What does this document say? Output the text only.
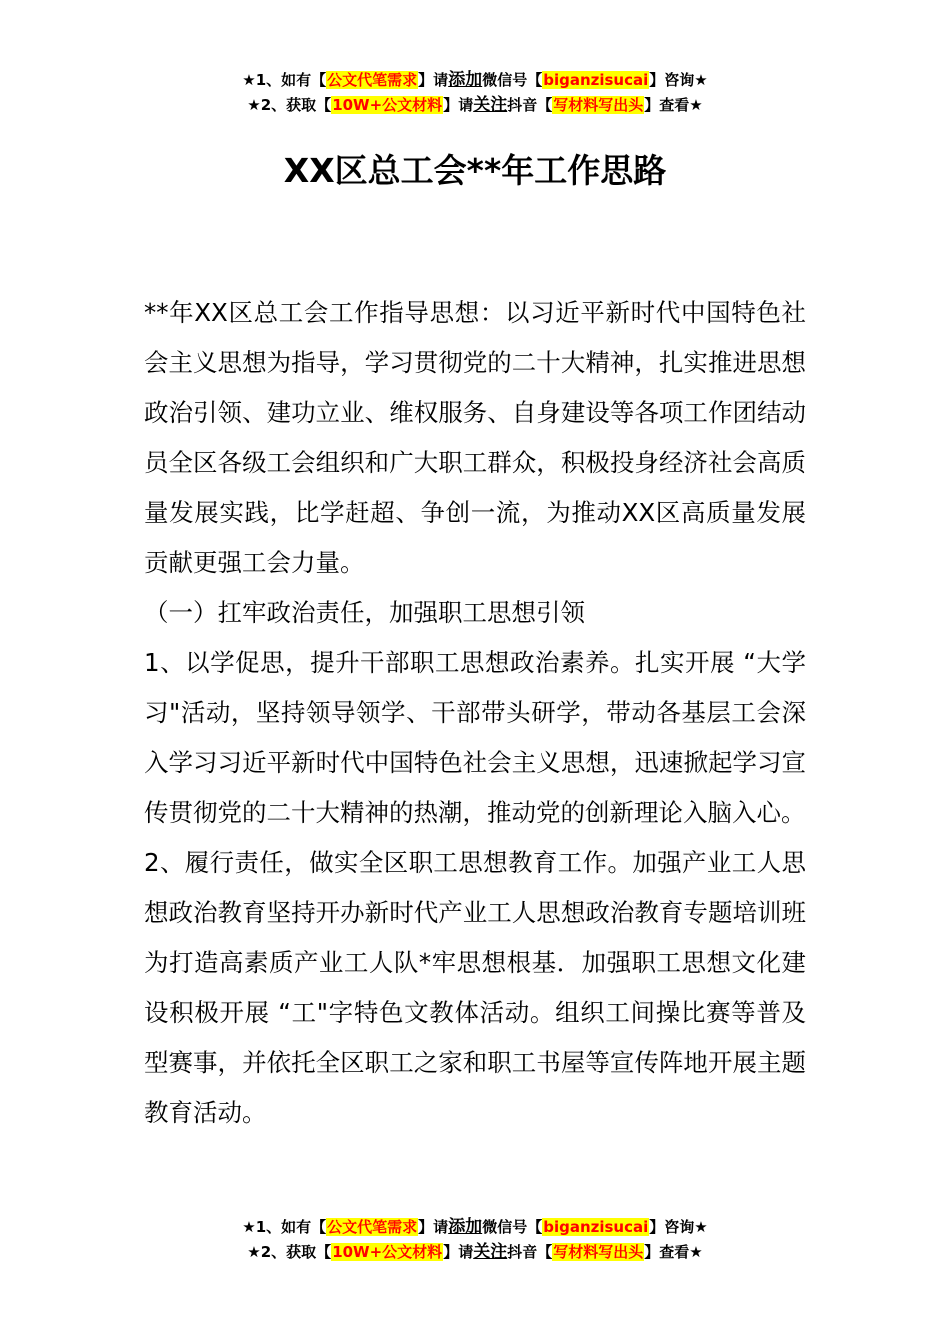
★1、如有【公文代笔需求】请添加微信号【biganzisucai】咨询★
★2、获取【10W+公文材料】请关注抖音【写材料写出头】查看★
XX区总工会**年工作思路

**年XX区总工会工作指导思想：以习近平新时代中国特色社会主义思想为指导，学习贯彻党的二十大精神，扎实推进思想政治引领、建功立业、维权服务、自身建设等各项工作团结动员全区各级工会组织和广大职工群众，积极投身经济社会高质量发展实践，比学赶超、争创一流，为推动XX区高质量发展贡献更强工会力量。

（一）扛牢政治责任，加强职工思想引领

1、以学促思，提升干部职工思想政治素养。扎实开展 “大学习"活动，坚持领导领学、干部带头研学，带动各基层工会深入学习习近平新时代中国特色社会主义思想，迅速掀起学习宣传贯彻党的二十大精神的热潮，推动党的创新理论入脑入心。

2、履行责任，做实全区职工思想教育工作。加强产业工人思想政治教育坚持开办新时代产业工人思想政治教育专题培训班为打造高素质产业工人队*牢思想根基．加强职工思想文化建设积极开展 “工"字特色文教体活动。组织工间操比赛等普及型赛事，并依托全区职工之家和职工书屋等宣传阵地开展主题教育活动。

★1、如有【公文代笔需求】请添加微信号【biganzisucai】咨询★
★2、获取【10W+公文材料】请关注抖音【写材料写出头】查看★
